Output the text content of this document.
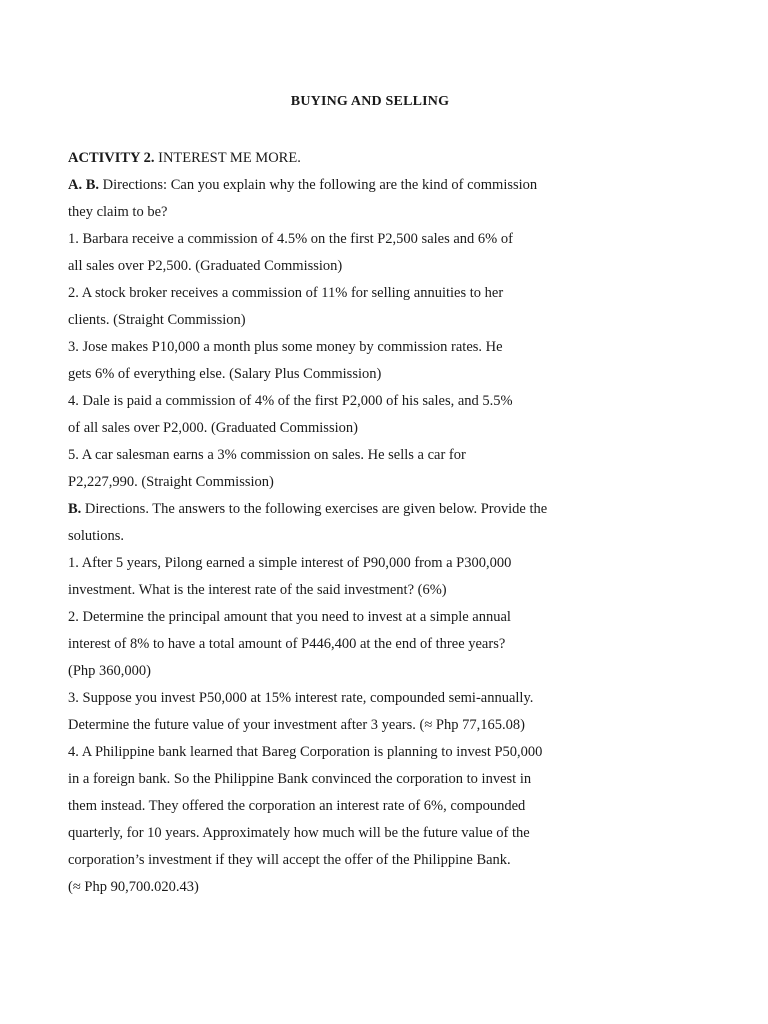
BUYING AND SELLING
ACTIVITY 2. INTEREST ME MORE.
A. B. Directions: Can you explain why the following are the kind of commission
they claim to be?
1. Barbara receive a commission of 4.5% on the first P2,500 sales and 6% of
all sales over P2,500. (Graduated Commission)
2. A stock broker receives a commission of 11% for selling annuities to her
clients. (Straight Commission)
3. Jose makes P10,000 a month plus some money by commission rates. He
gets 6% of everything else. (Salary Plus Commission)
4. Dale is paid a commission of 4% of the first P2,000 of his sales, and 5.5%
of all sales over P2,000. (Graduated Commission)
5. A car salesman earns a 3% commission on sales. He sells a car for
P2,227,990. (Straight Commission)
B. Directions. The answers to the following exercises are given below. Provide the
solutions.
1. After 5 years, Pilong earned a simple interest of P90,000 from a P300,000
investment. What is the interest rate of the said investment? (6%)
2. Determine the principal amount that you need to invest at a simple annual
interest of 8% to have a total amount of P446,400 at the end of three years?
(Php 360,000)
3. Suppose you invest P50,000 at 15% interest rate, compounded semi-annually.
Determine the future value of your investment after 3 years. (≈ Php 77,165.08)
4. A Philippine bank learned that Bareg Corporation is planning to invest P50,000
in a foreign bank. So the Philippine Bank convinced the corporation to invest in
them instead. They offered the corporation an interest rate of 6%, compounded
quarterly, for 10 years. Approximately how much will be the future value of the
corporation’s investment if they will accept the offer of the Philippine Bank.
(≈ Php 90,700.020.43)
